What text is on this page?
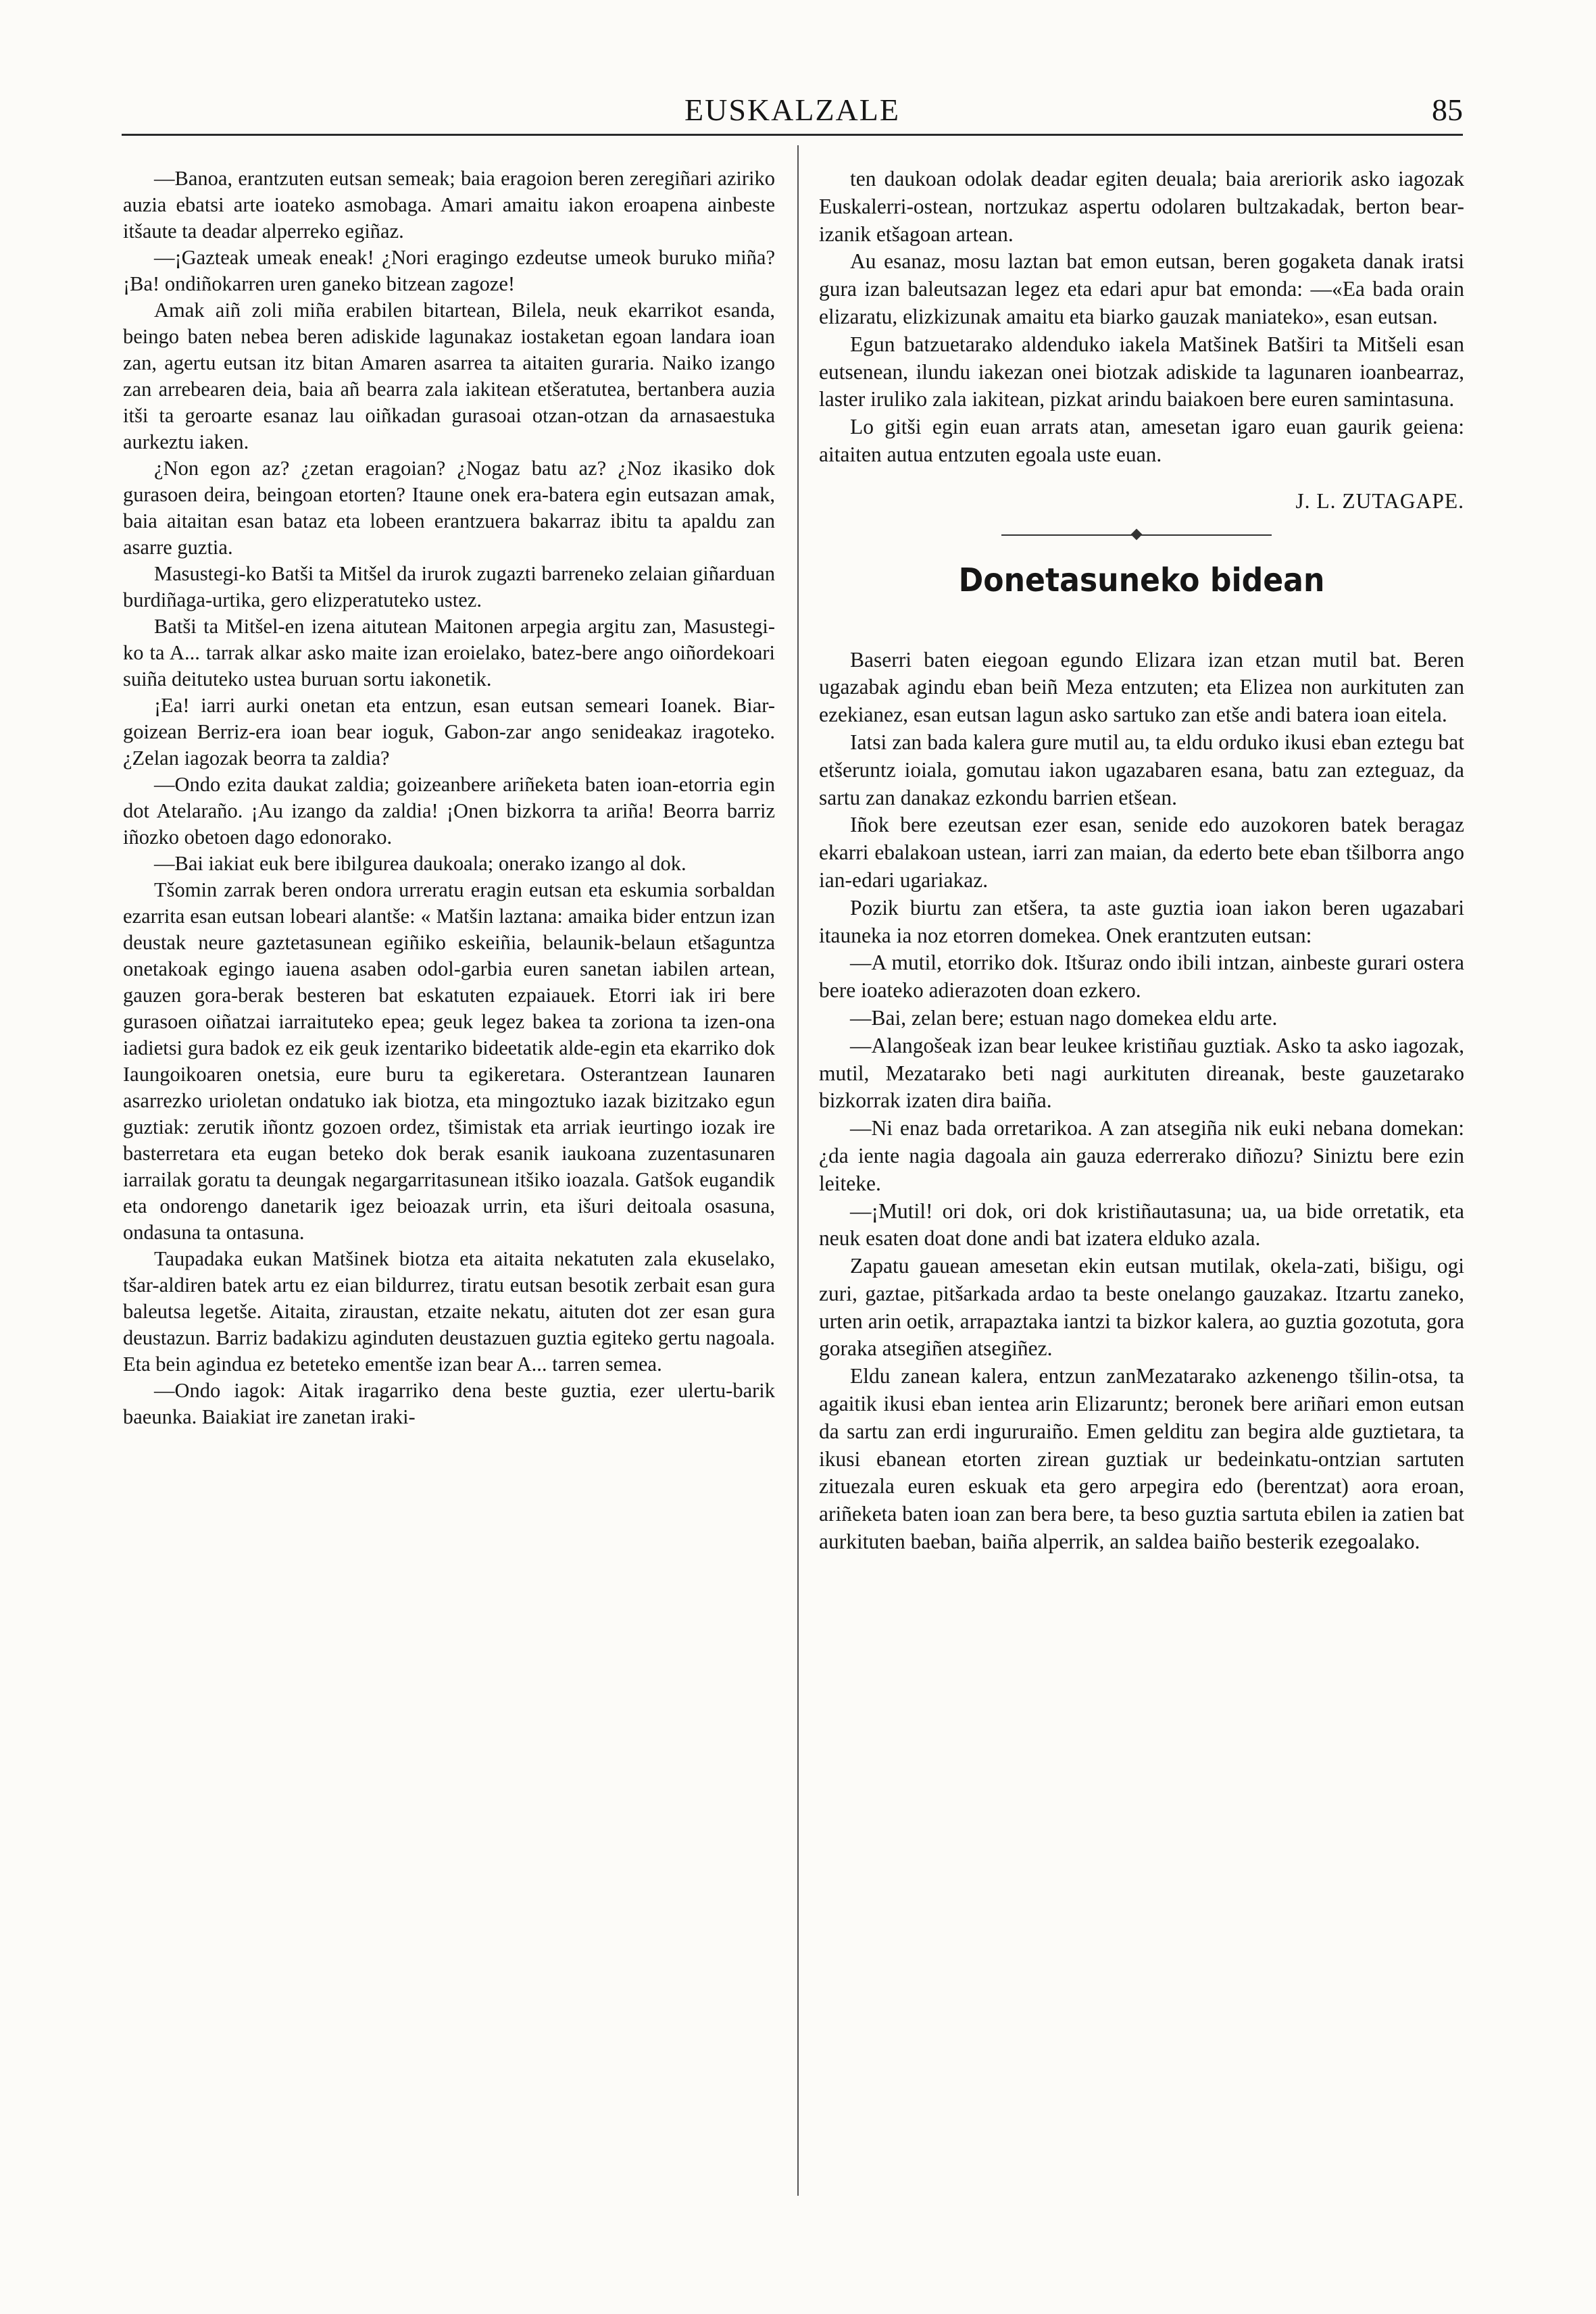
EUSKALZALE	85

—Banoa, erantzuten eutsan semeak; baia eragoion beren zeregiñari aziriko auzia ebatsi arte ioateko asmobaga. Amari amaitu iakon eroapena ainbeste itšaute ta deadar alperreko egiñaz.

—¡Gazteak umeak eneak! ¿Nori eragingo ezdeutse umeok buruko miña? ¡Ba! ondiñokarren uren ganeko bitzean zagoze!

Amak aiñ zoli miña erabilen bitartean, Bilela, neuk ekarrikot esanda, beingo baten nebea beren adiskide lagunakaz iostaketan egoan landara ioan zan, agertu eutsan itz bitan Amaren asarrea ta aitaiten guraria. Naiko izango zan arrebearen deia, baia añ bearra zala iakitean etšeratutea, bertanbera auzia itši ta geroarte esanaz lau oiñkadan gurasoai otzan-otzan da arnasaestuka aurkeztu iaken.

¿Non egon az? ¿zetan eragoian? ¿Nogaz batu az? ¿Noz ikasiko dok gurasoen deira, beingoan etorten? Itaune onek era-batera egin eutsazan amak, baia aitaitan esan bataz eta lobeen erantzuera bakarraz ibitu ta apaldu zan asarre guztia.

Masustegi-ko Batši ta Mitšel da irurok zugazti barreneko zelaian giñarduan burdiñaga-urtika, gero elizperatuteko ustez.

Batši ta Mitšel-en izena aitutean Maitonen arpegia argitu zan, Masustegi-ko ta A... tarrak alkar asko maite izan eroielako, batez-bere ango oiñordekoari suiña deituteko ustea buruan sortu iakonetik.

¡Ea! iarri aurki onetan eta entzun, esan eutsan semeari Ioanek. Biar-goizean Berriz-era ioan bear ioguk, Gabon-zar ango senideakaz iragoteko. ¿Zelan iagozak beorra ta zaldia?

—Ondo ezita daukat zaldia; goizeanbere ariñeketa baten ioan-etorria egin dot Atelaraño. ¡Au izango da zaldia! ¡Onen bizkorra ta ariña! Beorra barriz iñozko obetoen dago edonorako.

—Bai iakiat euk bere ibilgurea daukoala; onerako izango al dok.

Tšomin zarrak beren ondora urreratu eragin eutsan eta eskumia sorbaldan ezarrita esan eutsan lobeari alantše: « Matšin laztana: amaika bider entzun izan deustak neure gaztetasunean egiñiko eskeiñia, belaunik-belaun etšaguntza onetakoak egingo iauena asaben odol-garbia euren sanetan iabilen artean, gauzen gora-berak besteren bat eskatuten ezpaiauek. Etorri iak iri bere gurasoen oiñatzai iarraituteko epea; geuk legez bakea ta zoriona ta izen-ona iadietsi gura badok ez eik geuk izentariko bideetatik alde-egin eta ekarriko dok Iaungoikoaren onetsia, eure buru ta egikeretara. Osterantzean Iaunaren asarrezko urioletan ondatuko iak biotza, eta mingoztuko iazak bizitzako egun guztiak: zerutik iñontz gozoen ordez, tšimistak eta arriak ieurtingo iozak ire basterretara eta eugan beteko dok berak esanik iaukoana zuzentasunaren iarrailak goratu ta deungak negargarritasunean itšiko ioazala. Gatšok eugandik eta ondorengo danetarik igez beioazak urrin, eta išuri deitoala osasuna, ondasuna ta ontasuna.

Taupadaka eukan Matšinek biotza eta aitaita nekatuten zala ekuselako, tšar-aldiren batek artu ez eian bildurrez, tiratu eutsan besotik zerbait esan gura baleutsa legetše. Aitaita, ziraustan, etzaite nekatu, aituten dot zer esan gura deustazun. Barriz badakizu aginduten deustazuen guztia egiteko gertu nagoala. Eta bein agindua ez beteteko ementše izan bear A... tarren semea.

—Ondo iagok: Aitak iragarriko dena beste guztia, ezer ulertu-barik baeunka. Baiakiat ire zanetan iraki-

ten daukoan odolak deadar egiten deuala; baia areriorik asko iagozak Euskalerri-ostean, nortzukaz aspertu odolaren bultzakadak, berton bear-izanik etšagoan artean.

Au esanaz, mosu laztan bat emon eutsan, beren gogaketa danak iratsi gura izan baleutsazan legez eta edari apur bat emonda: —«Ea bada orain elizaratu, elizkizunak amaitu eta biarko gauzak maniateko», esan eutsan.

Egun batzuetarako aldenduko iakela Matšinek Batširi ta Mitšeli esan eutsenean, ilundu iakezan onei biotzak adiskide ta lagunaren ioanbearraz, laster iruliko zala iakitean, pizkat arindu baiakoen bere euren samintasuna.

Lo gitši egin euan arrats atan, amesetan igaro euan gaurik geiena: aitaiten autua entzuten egoala uste euan.

J. L. ZUTAGAPE.

Donetasuneko bidean

Baserri baten eiegoan egundo Elizara izan etzan mutil bat. Beren ugazabak agindu eban beiñ Meza entzuten; eta Elizea non aurkituten zan ezekianez, esan eutsan lagun asko sartuko zan etše andi batera ioan eitela.

Iatsi zan bada kalera gure mutil au, ta eldu orduko ikusi eban eztegu bat etšeruntz ioiala, gomutau iakon ugazabaren esana, batu zan ezteguaz, da sartu zan danakaz ezkondu barrien etšean.

Iñok bere ezeutsan ezer esan, senide edo auzokoren batek beragaz ekarri ebalakoan ustean, iarri zan maian, da ederto bete eban tšilborra ango ian-edari ugariakaz.

Pozik biurtu zan etšera, ta aste guztia ioan iakon beren ugazabari itauneka ia noz etorren domekea. Onek erantzuten eutsan:

—A mutil, etorriko dok. Itšuraz ondo ibili intzan, ainbeste gurari ostera bere ioateko adierazoten doan ezkero.

—Bai, zelan bere; estuan nago domekea eldu arte.

—Alangošeak izan bear leukee kristiñau guztiak. Asko ta asko iagozak, mutil, Mezatarako beti nagi aurkituten direanak, beste gauzetarako bizkorrak izaten dira baiña.

—Ni enaz bada orretarikoa. A zan atsegiña nik euki nebana domekan: ¿da iente nagia dagoala ain gauza ederrerako diñozu? Siniztu bere ezin leiteke.

—¡Mutil! ori dok, ori dok kristiñautasuna; ua, ua bide orretatik, eta neuk esaten doat done andi bat izatera elduko azala.

Zapatu gauean amesetan ekin eutsan mutilak, okela-zati, bišigu, ogi zuri, gaztae, pitšarkada ardao ta beste onelango gauzakaz. Itzartu zaneko, urten arin oetik, arrapaztaka iantzi ta bizkor kalera, ao guztia gozotuta, gora goraka atsegiñen atsegiñez.

Eldu zanean kalera, entzun zanMezatarako azkenengo tšilin-otsa, ta agaitik ikusi eban ientea arin Elizaruntz; beronek bere ariñari emon eutsan da sartu zan erdi ingururaiño. Emen gelditu zan begira alde guztietara, ta ikusi ebanean etorten zirean guztiak ur bedeinkatu-ontzian sartuten zituezala euren eskuak eta gero arpegira edo (berentzat) aora eroan, ariñeketa baten ioan zan bera bere, ta beso guztia sartuta ebilen ia zatien bat aurkituten baeban, baiña alperrik, an saldea baiño besterik ezegoalako.
